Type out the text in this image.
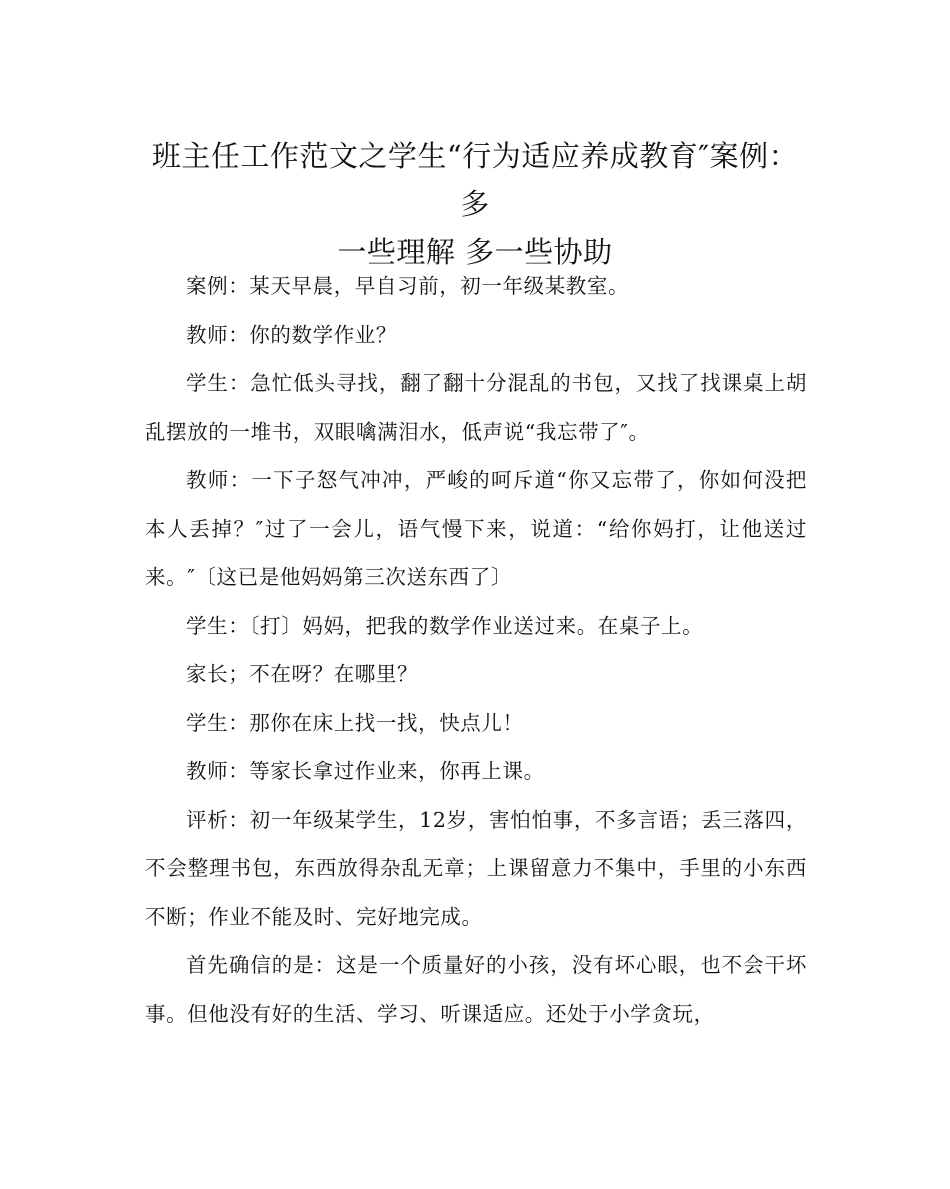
班主任工作范文之学生“行为适应养成教育″案例：多
一些理解 多一些协助

案例：某天早晨，早自习前，初一年级某教室。

教师：你的数学作业？

学生：急忙低头寻找，翻了翻十分混乱的书包，又找了找课桌上胡乱摆放的一堆书，双眼噙满泪水，低声说“我忘带了″。

教师：一下子怒气冲冲，严峻的呵斥道“你又忘带了，你如何没把本人丢掉？″过了一会儿，语气慢下来，说道：“给你妈打，让他送过来。″〔这已是他妈妈第三次送东西了〕

学生：〔打〕妈妈，把我的数学作业送过来。在桌子上。

家长；不在呀？在哪里？

学生：那你在床上找一找，快点儿！

教师：等家长拿过作业来，你再上课。

评析：初一年级某学生，12岁，害怕怕事，不多言语；丢三落四，不会整理书包，东西放得杂乱无章；上课留意力不集中，手里的小东西不断；作业不能及时、完好地完成。

首先确信的是：这是一个质量好的小孩，没有坏心眼，也不会干坏事。但他没有好的生活、学习、听课适应。还处于小学贪玩，
